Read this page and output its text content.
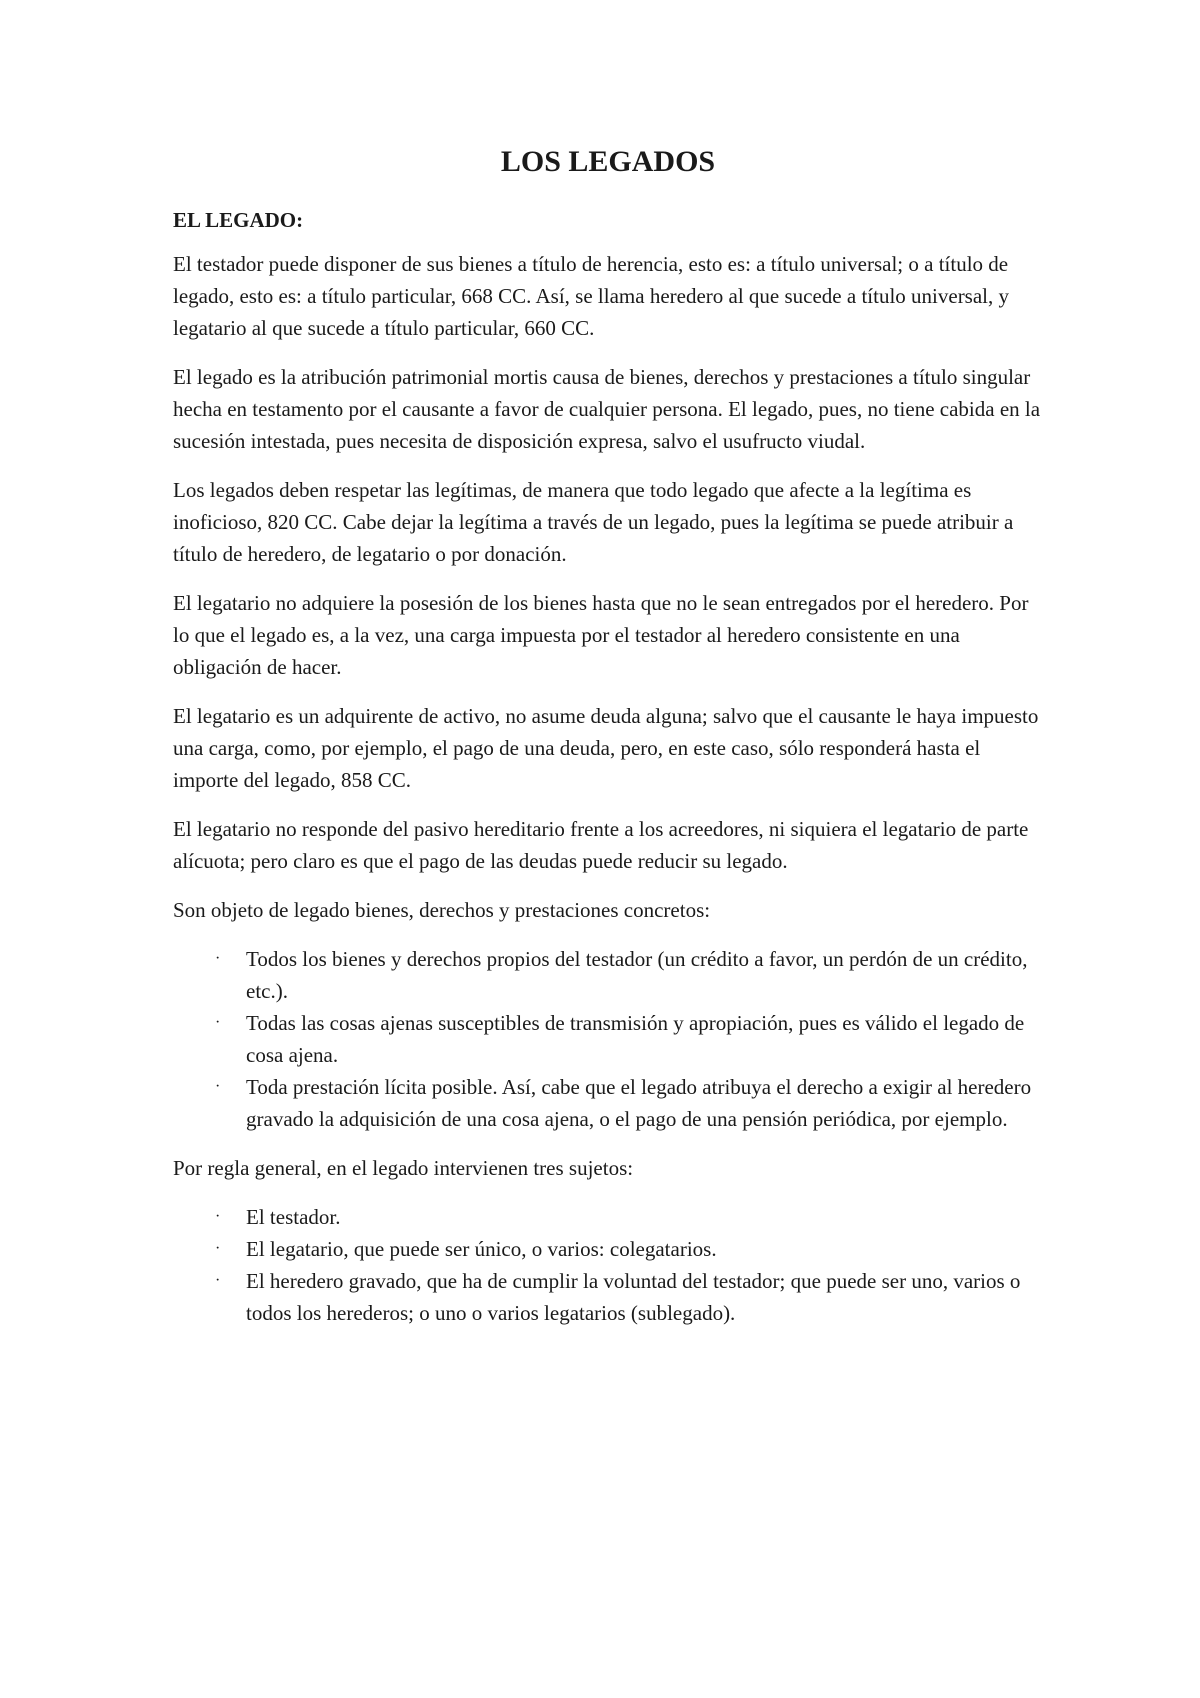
LOS LEGADOS
EL LEGADO:

El testador puede disponer de sus bienes a título de herencia, esto es: a título universal; o a título de legado, esto es: a título particular, 668 CC. Así, se llama heredero al que sucede a título universal, y legatario al que sucede a título particular, 660 CC.

El legado es la atribución patrimonial mortis causa de bienes, derechos y prestaciones a título singular hecha en testamento por el causante a favor de cualquier persona. El legado, pues, no tiene cabida en la sucesión intestada, pues necesita de disposición expresa, salvo el usufructo viudal.

Los legados deben respetar las legítimas, de manera que todo legado que afecte a la legítima es inoficioso, 820 CC. Cabe dejar la legítima a través de un legado, pues la legítima se puede atribuir a título de heredero, de legatario o por donación.

El legatario no adquiere la posesión de los bienes hasta que no le sean entregados por el heredero. Por lo que el legado es, a la vez, una carga impuesta por el testador al heredero consistente en una obligación de hacer.

El legatario es un adquirente de activo, no asume deuda alguna; salvo que el causante le haya impuesto una carga, como, por ejemplo, el pago de una deuda, pero, en este caso, sólo responderá hasta el importe del legado, 858 CC.

El legatario no responde del pasivo hereditario frente a los acreedores, ni siquiera el legatario de parte alícuota; pero claro es que el pago de las deudas puede reducir su legado.

Son objeto de legado bienes, derechos y prestaciones concretos:

·	Todos los bienes y derechos propios del testador (un crédito a favor, un perdón de un crédito, etc.).
·	Todas las cosas ajenas susceptibles de transmisión y apropiación, pues es válido el legado de cosa ajena.
·	Toda prestación lícita posible. Así, cabe que el legado atribuya el derecho a exigir al heredero gravado la adquisición de una cosa ajena, o el pago de una pensión periódica, por ejemplo.

Por regla general, en el legado intervienen tres sujetos:

·	El testador.
·	El legatario, que puede ser único, o varios: colegatarios.
·	El heredero gravado, que ha de cumplir la voluntad del testador; que puede ser uno, varios o todos los herederos; o uno o varios legatarios (sublegado).
